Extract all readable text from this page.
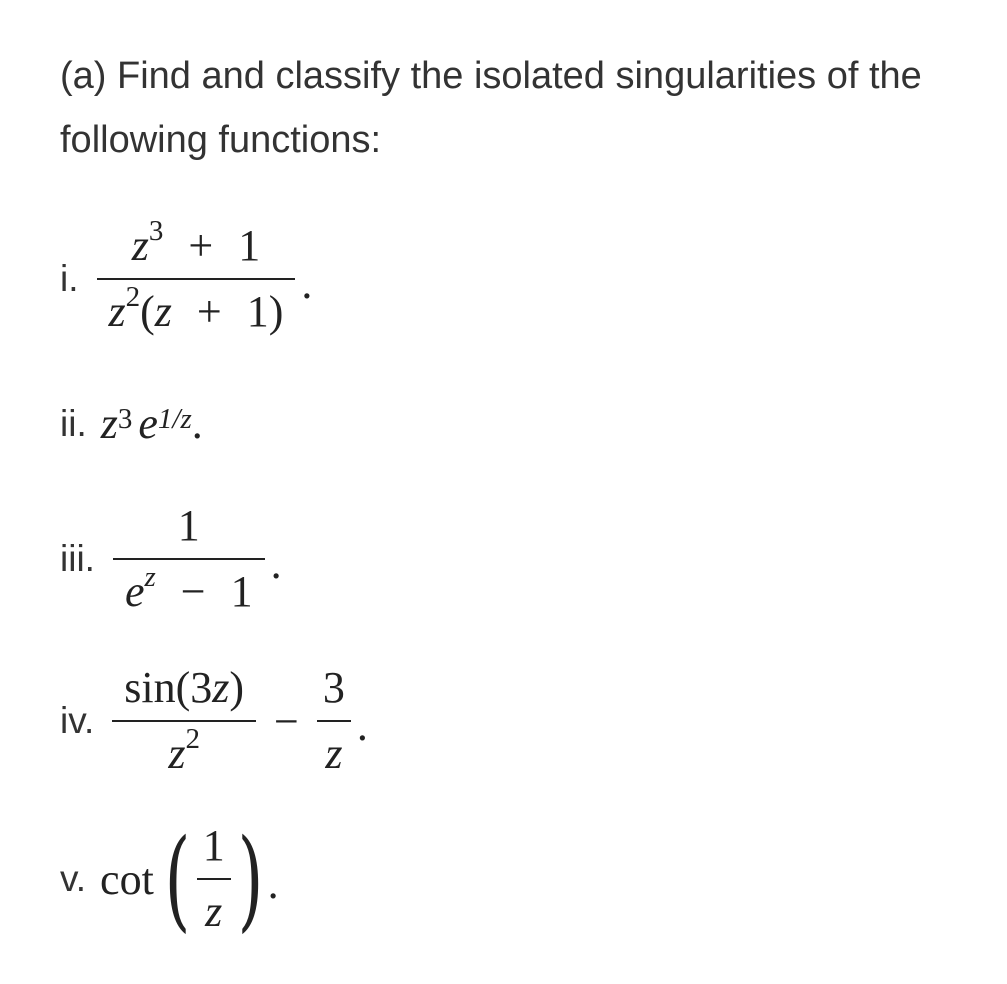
(a) Find and classify the isolated singularities of the following functions:
i. $\frac{z^3 + 1}{z^2(z + 1)}$ .
ii. $z^3$ $e^{1/z}$ .
iii. $\frac{1}{e^z - 1}$ .
iv. $\frac{\sin(3z)}{z^2} - \frac{3}{z}$ .
v. cot ( $\frac{1}{z}$ ) .
